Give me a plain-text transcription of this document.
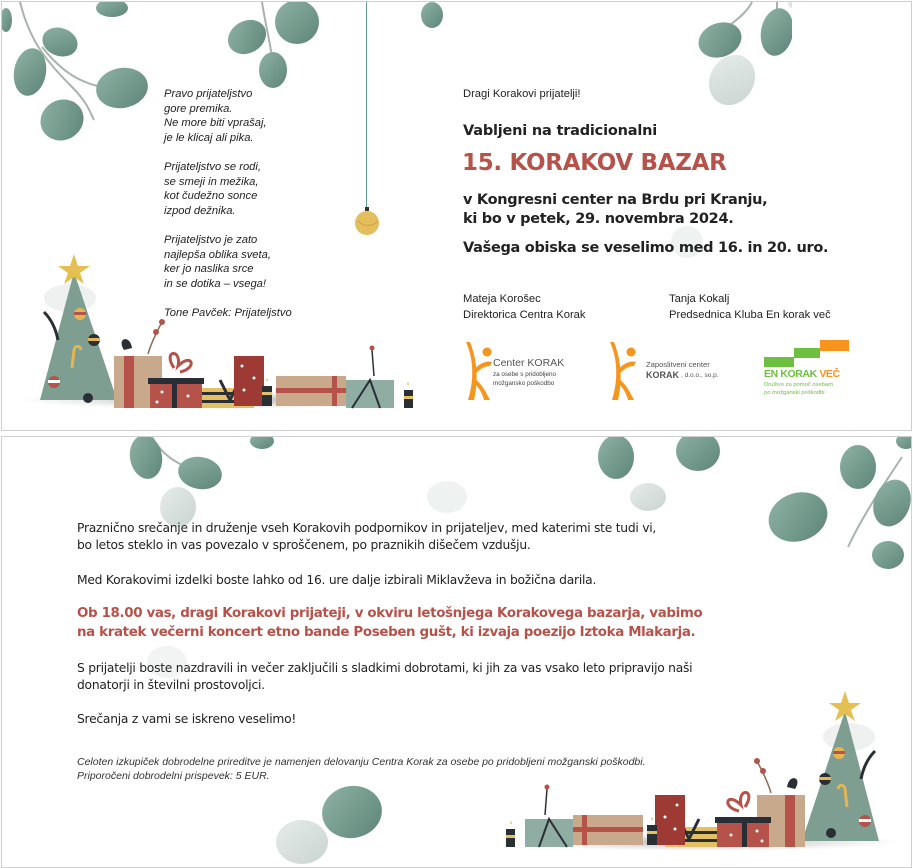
Pravo prijateljstvo
gore premika.
Ne more biti vprašaj,
je le klicaj ali pika.
Prijateljstvo se rodi,
se smeji in mežika,
kot čudežno sonce
izpod dežnika.
Prijateljstvo je zato
najlepša oblika sveta,
ker jo naslika srce
in se dotika – vsega!
Tone Pavček: Prijateljstvo
Dragi Korakovi prijatelji!
Vabljeni na tradicionalni
15. KORAKOV BAZAR
v Kongresni center na Brdu pri Kranju,
ki bo v petek, 29. novembra 2024.
Vašega obiska se veselimo med 16. in 20. uro.
Mateja Korošec
Direktorica Centra Korak
Tanja Kokalj
Predsednica Kluba En korak več
Center KORAK
za osebe s pridobljeno
možgansko poškodbo
Zaposlitveni center
KORAK , d.o.o., so.p.	EN KORAK VEČ
Društvo za pomoč osebam
po možganski poškodbi
Praznično srečanje in druženje vseh Korakovih podpornikov in prijateljev, med katerimi ste tudi vi,
bo letos steklo in vas povezalo v sproščenem, po praznikih dišečem vzdušju.
Med Korakovimi izdelki boste lahko od 16. ure dalje izbirali Miklavževa in božična darila.
Ob 18.00 vas, dragi Korakovi prijateji, v okviru letošnjega Korakovega bazarja, vabimo
na kratek večerni koncert etno bande Poseben gušt, ki izvaja poezijo Iztoka Mlakarja.
S prijatelji boste nazdravili in večer zaključili s sladkimi dobrotami, ki jih za vas vsako leto pripravijo naši
donatorji in številni prostovoljci.
Srečanja z vami se iskreno veselimo!
Celoten izkupiček dobrodelne prireditve je namenjen delovanju Centra Korak za osebe po pridobljeni možganski poškodbi.
Priporočeni dobrodelni prispevek: 5 EUR.
